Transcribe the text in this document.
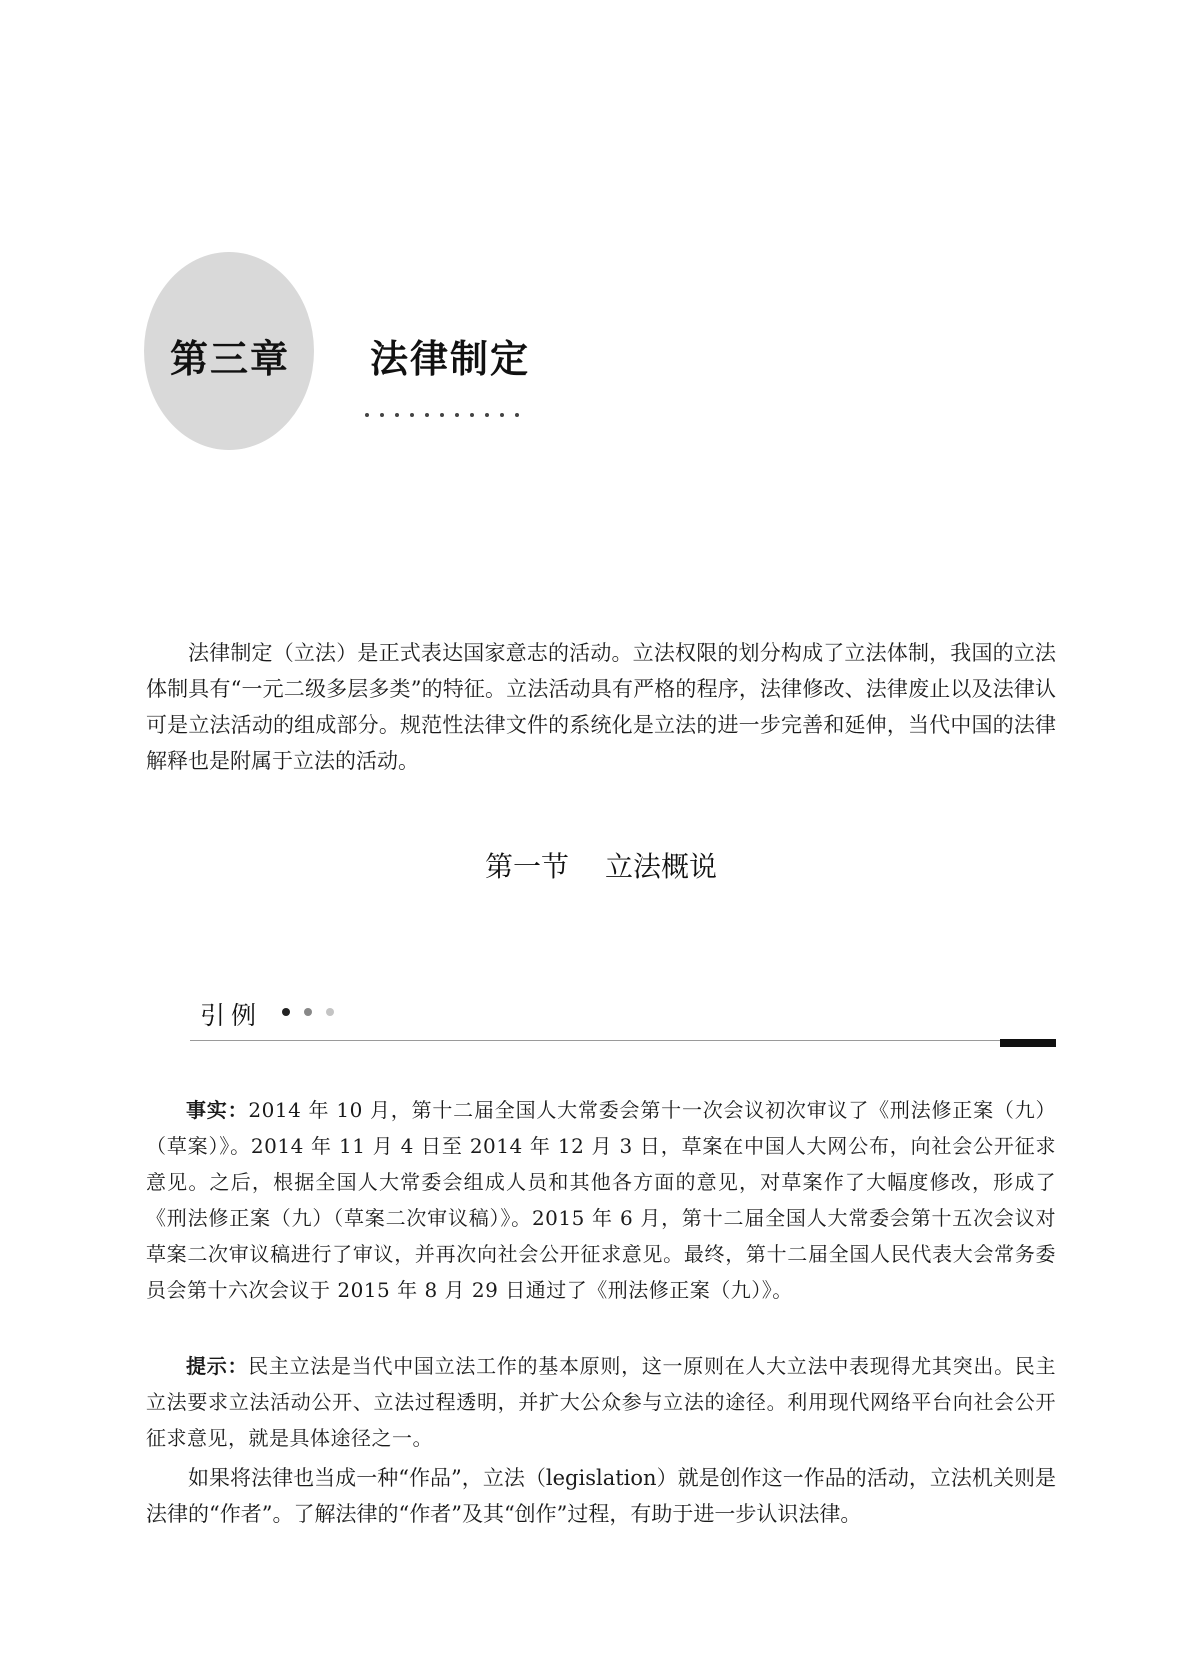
第三章 法律制定

法律制定（立法）是正式表达国家意志的活动。立法权限的划分构成了立法体制，我国的立法体制具有“一元二级多层多类”的特征。立法活动具有严格的程序，法律修改、法律废止以及法律认可是立法活动的组成部分。规范性法律文件的系统化是立法的进一步完善和延伸，当代中国的法律解释也是附属于立法的活动。

第一节 立法概说
引例

事实：2014 年 10 月，第十二届全国人大常委会第十一次会议初次审议了《刑法修正案（九）（草案）》。2014 年 11 月 4 日至 2014 年 12 月 3 日，草案在中国人大网公布，向社会公开征求意见。之后，根据全国人大常委会组成人员和其他各方面的意见，对草案作了大幅度修改，形成了《刑法修正案（九）（草案二次审议稿）》。2015 年 6 月，第十二届全国人大常委会第十五次会议对草案二次审议稿进行了审议，并再次向社会公开征求意见。最终，第十二届全国人民代表大会常务委员会第十六次会议于 2015 年 8 月 29 日通过了《刑法修正案（九）》。

提示：民主立法是当代中国立法工作的基本原则，这一原则在人大立法中表现得尤其突出。民主立法要求立法活动公开、立法过程透明，并扩大公众参与立法的途径。利用现代网络平台向社会公开征求意见，就是具体途径之一。

如果将法律也当成一种“作品”，立法（legislation）就是创作这一作品的活动，立法机关则是法律的“作者”。了解法律的“作者”及其“创作”过程，有助于进一步认识法律。
